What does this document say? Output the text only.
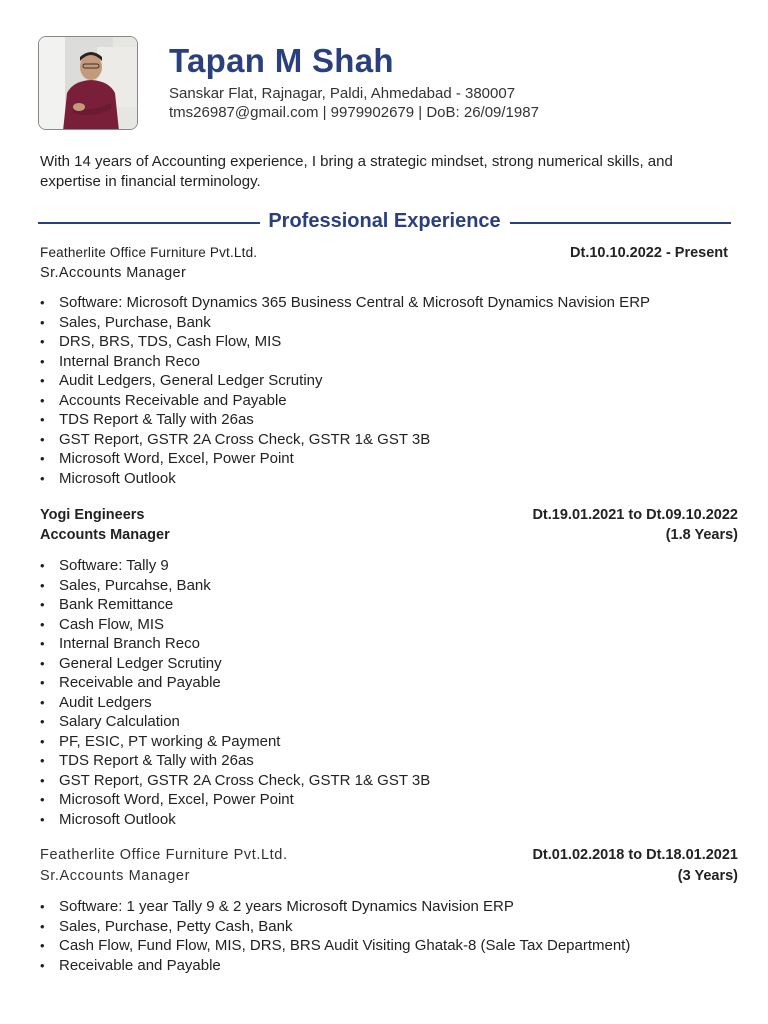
Tapan M Shah
Sanskar Flat, Rajnagar, Paldi, Ahmedabad - 380007
tms26987@gmail.com | 9979902679 | DoB: 26/09/1987
With 14 years of Accounting experience, I bring a strategic mindset, strong numerical skills, and expertise in financial terminology.
Professional Experience
Featherlite Office Furniture Pvt.Ltd.	Dt.10.10.2022 - Present
Sr.Accounts Manager
• Software: Microsoft Dynamics 365 Business Central & Microsoft Dynamics Navision ERP
• Sales, Purchase, Bank
• DRS, BRS, TDS, Cash Flow, MIS
• Internal Branch Reco
• Audit Ledgers, General Ledger Scrutiny
• Accounts Receivable and Payable
• TDS Report & Tally with 26as
• GST Report, GSTR 2A Cross Check, GSTR 1& GST 3B
• Microsoft Word, Excel, Power Point
• Microsoft Outlook
Yogi Engineers	Dt.19.01.2021 to Dt.09.10.2022
Accounts Manager	(1.8 Years)
• Software: Tally 9
• Sales, Purcahse, Bank
• Bank Remittance
• Cash Flow, MIS
• Internal Branch Reco
• General Ledger Scrutiny
• Receivable and Payable
• Audit Ledgers
• Salary Calculation
• PF, ESIC, PT working & Payment
• TDS Report & Tally with 26as
• GST Report, GSTR 2A Cross Check, GSTR 1& GST 3B
• Microsoft Word, Excel, Power Point
• Microsoft Outlook
Featherlite Office Furniture Pvt.Ltd.	Dt.01.02.2018 to Dt.18.01.2021
Sr.Accounts Manager	(3 Years)
• Software: 1 year Tally 9 & 2 years Microsoft Dynamics Navision ERP
• Sales, Purchase, Petty Cash, Bank
• Cash Flow, Fund Flow, MIS, DRS, BRS Audit Visiting Ghatak-8 (Sale Tax Department)
• Receivable and Payable
